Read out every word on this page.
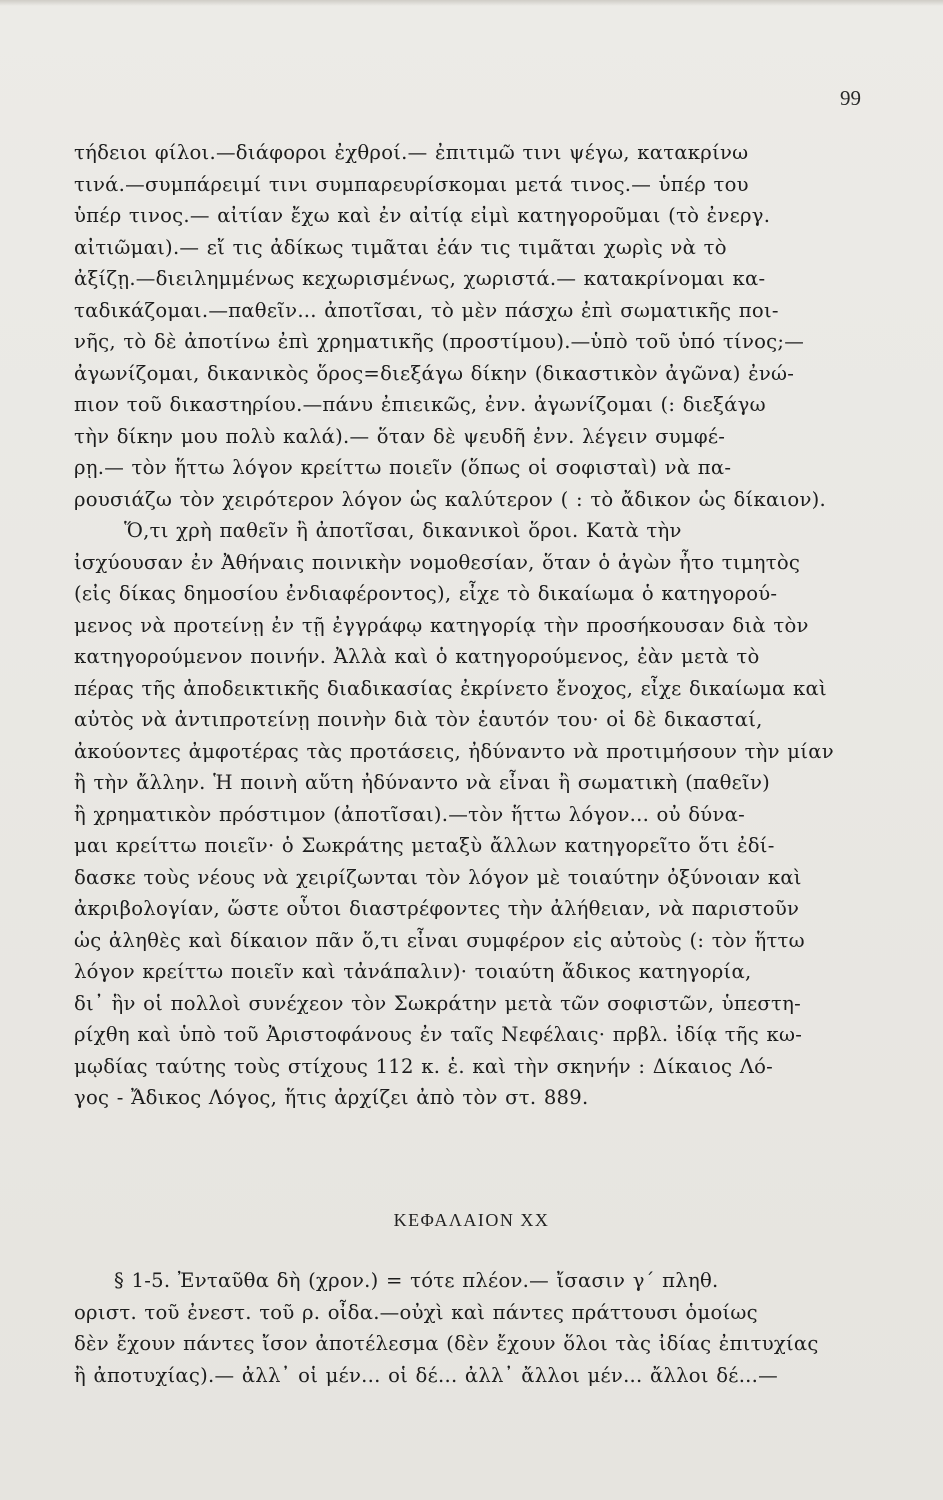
99
τήδειοι φίλοι.—διάφοροι ἐχθροί.— ἐπιτιμῶ τινι ψέγω, κατακρίνω
τινά.—συμπάρειμί τινι συμπαρευρίσκομαι μετά τινος.— ὑπέρ του
ὑπέρ τινος.— αἰτίαν ἔχω καὶ ἐν αἰτίᾳ εἰμὶ κατηγοροῦμαι (τὸ ἐνεργ.
αἰτιῶμαι).— εἴ τις ἀδίκως τιμᾶται ἐάν τις τιμᾶται χωρὶς νὰ τὸ
ἀξίζῃ.—διειλημμένως κεχωρισμένως, χωριστά.— κατακρίνομαι κα-
ταδικάζομαι.—παθεῖν... ἀποτῖσαι, τὸ μὲν πάσχω ἐπὶ σωματικῆς ποι-
νῆς, τὸ δὲ ἀποτίνω ἐπὶ χρηματικῆς (προστίμου).—ὑπὸ τοῦ ὑπό τίνος;—
ἀγωνίζομαι, δικανικὸς ὅρος=διεξάγω δίκην (δικαστικὸν ἀγῶνα) ἐνώ-
πιον τοῦ δικαστηρίου.—πάνυ ἐπιεικῶς, ἐνν. ἀγωνίζομαι (: διεξάγω
τὴν δίκην μου πολὺ καλά).— ὅταν δὲ ψευδῆ ἐνν. λέγειν συμφέ-
ρῃ.— τὸν ἥττω λόγον κρείττω ποιεῖν (ὅπως οἱ σοφισταὶ) νὰ πα-
ρουσιάζω τὸν χειρότερον λόγον ὡς καλύτερον ( : τὸ ἄδικον ὡς δίκαιον).
Ὅ,τι χρὴ παθεῖν ἢ ἀποτῖσαι, δικανικοὶ ὅροι. Κατὰ τὴν
ἰσχύουσαν ἐν Ἀθήναις ποινικὴν νομοθεσίαν, ὅταν ὁ ἀγὼν ἦτο τιμητὸς
(εἰς δίκας δημοσίου ἐνδιαφέροντος), εἶχε τὸ δικαίωμα ὁ κατηγορού-
μενος νὰ προτείνῃ ἐν τῇ ἐγγράφῳ κατηγορίᾳ τὴν προσήκουσαν διὰ τὸν
κατηγορούμενον ποινήν. Ἀλλὰ καὶ ὁ κατηγορούμενος, ἐὰν μετὰ τὸ
πέρας τῆς ἀποδεικτικῆς διαδικασίας ἐκρίνετο ἔνοχος, εἶχε δικαίωμα καὶ
αὐτὸς νὰ ἀντιπροτείνῃ ποινὴν διὰ τὸν ἑαυτόν του· οἱ δὲ δικασταί,
ἀκούοντες ἀμφοτέρας τὰς προτάσεις, ἠδύναντο νὰ προτιμήσουν τὴν μίαν
ἢ τὴν ἄλλην. Ἡ ποινὴ αὕτη ἠδύναντο νὰ εἶναι ἢ σωματικὴ (παθεῖν)
ἢ χρηματικὸν πρόστιμον (ἀποτῖσαι).—τὸν ἥττω λόγον... οὐ δύνα-
μαι κρείττω ποιεῖν· ὁ Σωκράτης μεταξὺ ἄλλων κατηγορεῖτο ὅτι ἐδί-
δασκε τοὺς νέους νὰ χειρίζωνται τὸν λόγον μὲ τοιαύτην ὀξύνοιαν καὶ
ἀκριβολογίαν, ὥστε οὗτοι διαστρέφοντες τὴν ἀλήθειαν, νὰ παριστοῦν
ὡς ἀληθὲς καὶ δίκαιον πᾶν ὅ,τι εἶναι συμφέρον εἰς αὐτοὺς (: τὸν ἥττω
λόγον κρείττω ποιεῖν καὶ τἀνάπαλιν)· τοιαύτη ἄδικος κατηγορία,
δι᾽ ἣν οἱ πολλοὶ συνέχεον τὸν Σωκράτην μετὰ τῶν σοφιστῶν, ὑπεστη-
ρίχθη καὶ ὑπὸ τοῦ Ἀριστοφάνους ἐν ταῖς Νεφέλαις· πρβλ. ἰδίᾳ τῆς κω-
μῳδίας ταύτης τοὺς στίχους 112 κ. ἑ. καὶ τὴν σκηνήν : Δίκαιος Λό-
γος - Ἄδικος Λόγος, ἥτις ἀρχίζει ἀπὸ τὸν στ. 889.
ΚΕΦΑΛΑΙΟΝ XX
§ 1-5. Ἐνταῦθα δὴ (χρον.) = τότε πλέον.— ἴσασιν γ΄ πληθ.
οριστ. τοῦ ἐνεστ. τοῦ ρ. οἶδα.—οὐχὶ καὶ πάντες πράττουσι ὁμοίως
δὲν ἔχουν πάντες ἴσον ἀποτέλεσμα (δὲν ἔχουν ὅλοι τὰς ἰδίας ἐπιτυχίας
ἢ ἀποτυχίας).— ἀλλ᾽ οἱ μέν... οἱ δέ... ἀλλ᾽ ἄλλοι μέν... ἄλλοι δέ...—
